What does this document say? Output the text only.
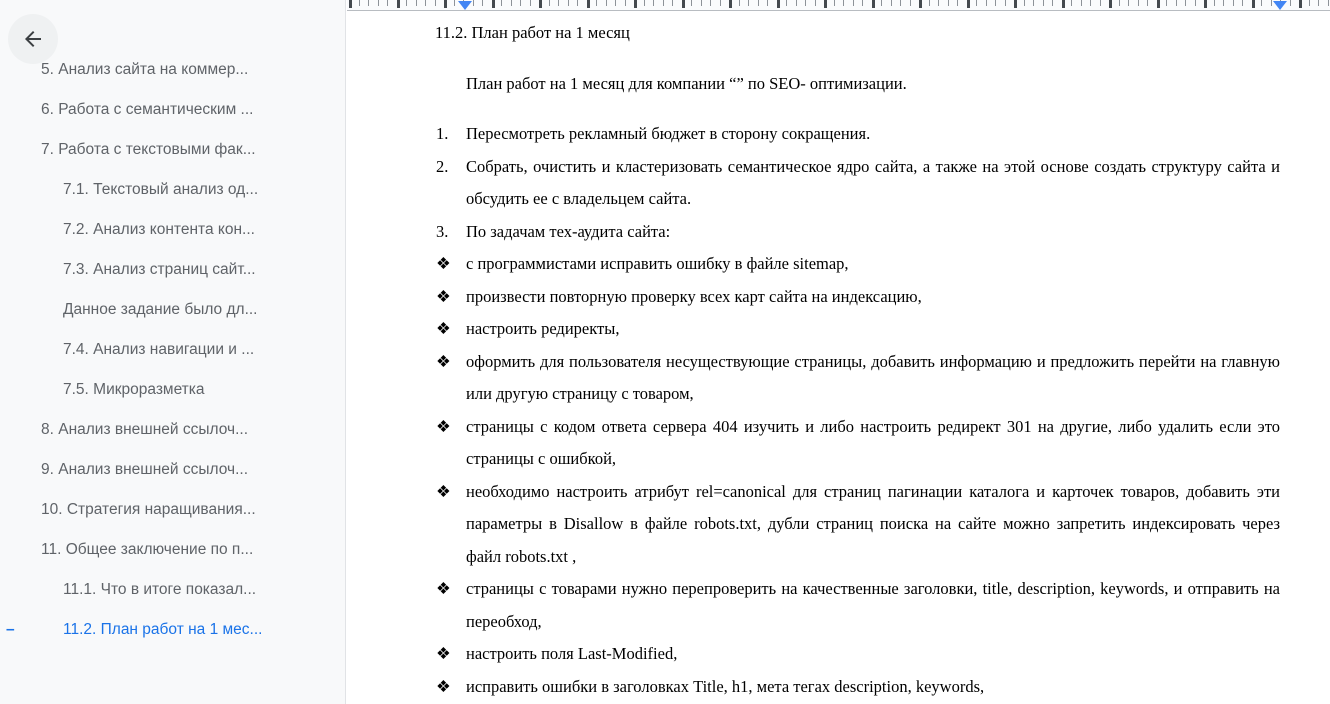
5. Анализ сайта на коммер...
6. Работа с семантическим ...
7. Работа с текстовыми фак...
7.1. Текстовый анализ од...
7.2. Анализ контента кон...
7.3. Анализ страниц сайт...
Данное задание было дл...
7.4. Анализ навигации и ...
7.5. Микроразметка
8. Анализ внешней ссылоч...
9. Анализ внешней ссылоч...
10. Стратегия наращивания...
11. Общее заключение по п...
11.1. Что в итоге показал...
–	11.2. План работ на 1 мес...
11.2. План работ на 1 месяц
План работ на 1 месяц для компании “” по SEO- оптимизации.
1. Пересмотреть рекламный бюджет в сторону сокращения.
2. Собрать, очистить и кластеризовать семантическое ядро сайта, а также на этой основе создать структуру сайта и обсудить ее с владельцем сайта.
3. По задачам тех-аудита сайта:
❖ с программистами исправить ошибку в файле sitemap,
❖ произвести повторную проверку всех карт сайта на индексацию,
❖ настроить редиректы,
❖ оформить для пользователя несуществующие страницы, добавить информацию и предложить перейти на главную или другую страницу с товаром,
❖ страницы с кодом ответа сервера 404 изучить и либо настроить редирект 301 на другие, либо удалить если это страницы с ошибкой,
❖ необходимо настроить атрибут rel=canonical для страниц пагинации каталога и карточек товаров, добавить эти параметры в Disallow в файле robots.txt, дубли страниц поиска на сайте можно запретить индексировать через файл robots.txt ,
❖ страницы с товарами нужно перепроверить на качественные заголовки, title, description, keywords, и отправить на переобход,
❖ настроить поля Last-Modified,
❖ исправить ошибки в заголовках Title, h1, мета тегах description, keywords,
